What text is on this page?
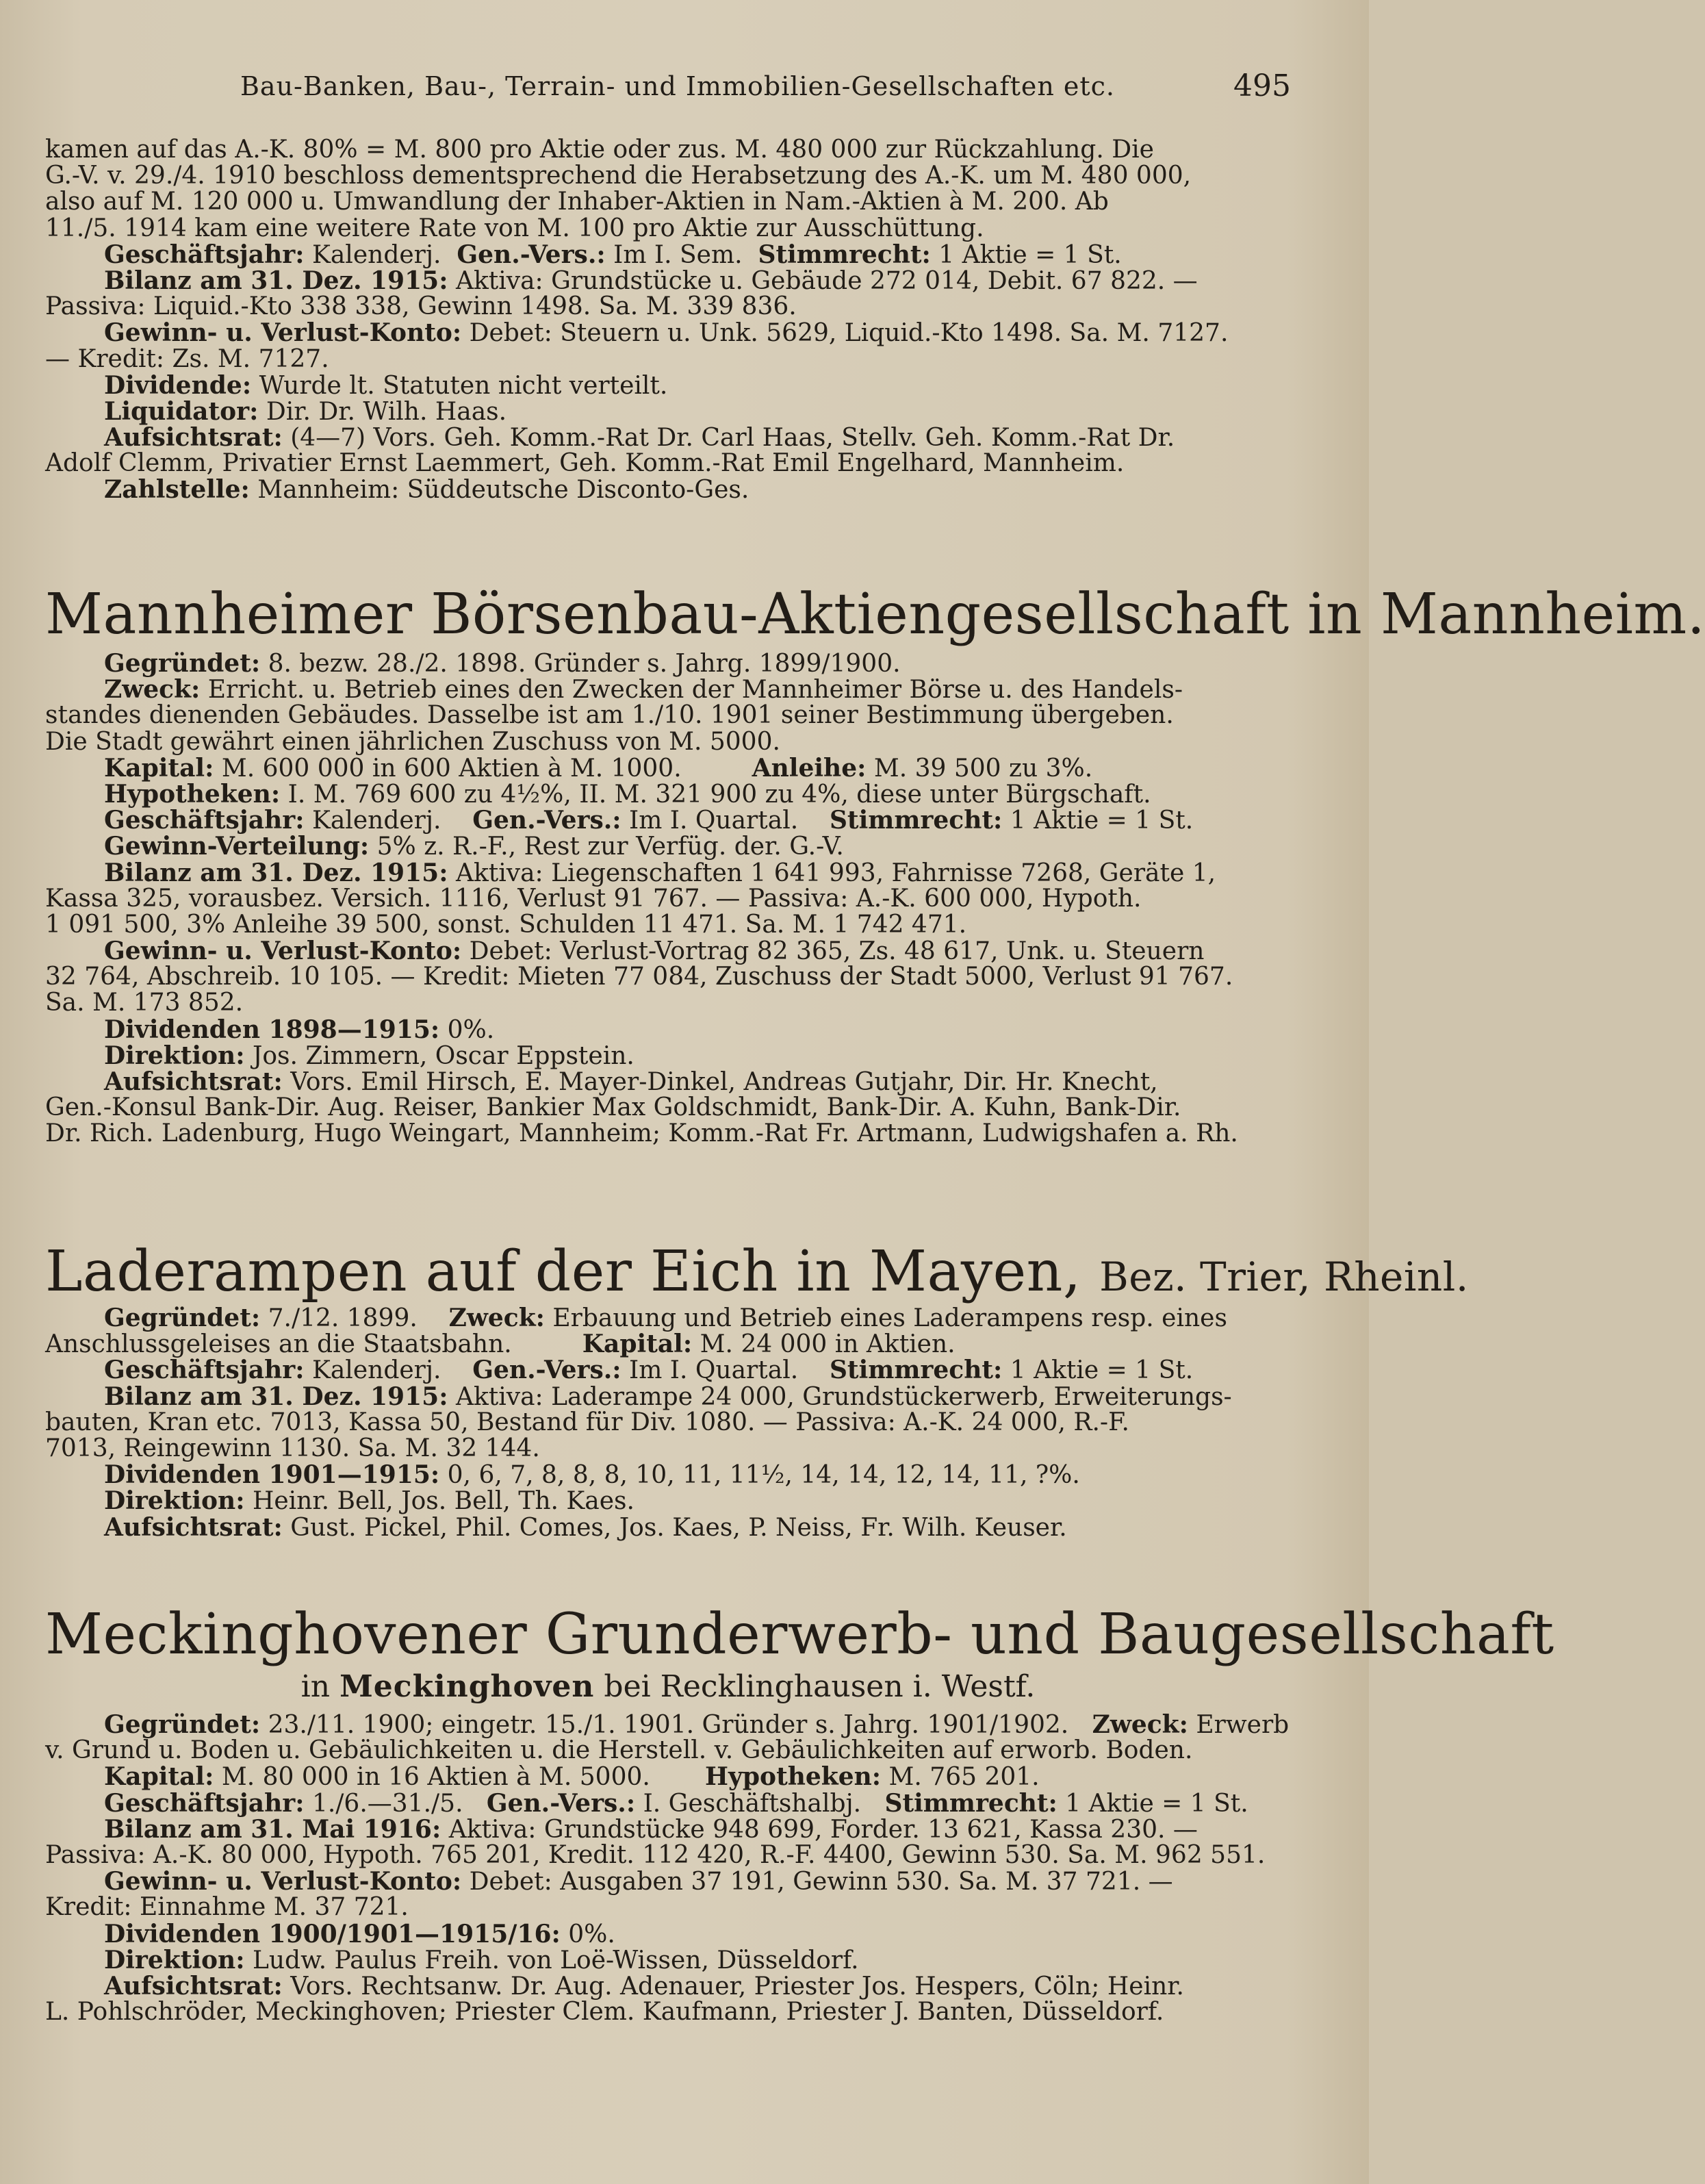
Bau-Banken, Bau-, Terrain- und Immobilien-Gesellschaften etc.	495

kamen auf das A.-K. 80% = M. 800 pro Aktie oder zus. M. 480 000 zur Rückzahlung. Die

G.-V. v. 29./4. 1910 beschloss dementsprechend die Herabsetzung des A.-K. um M. 480 000,

also auf M. 120 000 u. Umwandlung der Inhaber-Aktien in Nam.-Aktien à M. 200. Ab

11./5. 1914 kam eine weitere Rate von M. 100 pro Aktie zur Ausschüttung.

Geschäftsjahr: Kalenderj. Gen.-Vers.: Im I. Sem. Stimmrecht: 1 Aktie = 1 St.

Bilanz am 31. Dez. 1915: Aktiva: Grundstücke u. Gebäude 272 014, Debit. 67 822. —

Passiva: Liquid.-Kto 338 338, Gewinn 1498. Sa. M. 339 836.

Gewinn- u. Verlust-Konto: Debet: Steuern u. Unk. 5629, Liquid.-Kto 1498. Sa. M. 7127.

— Kredit: Zs. M. 7127.

Dividende: Wurde lt. Statuten nicht verteilt.

Liquidator: Dir. Dr. Wilh. Haas.

Aufsichtsrat: (4—7) Vors. Geh. Komm.-Rat Dr. Carl Haas, Stellv. Geh. Komm.-Rat Dr.

Adolf Clemm, Privatier Ernst Laemmert, Geh. Komm.-Rat Emil Engelhard, Mannheim.

Zahlstelle: Mannheim: Süddeutsche Disconto-Ges.

Mannheimer Börsenbau-Aktiengesellschaft in Mannheim.

Gegründet: 8. bezw. 28./2. 1898. Gründer s. Jahrg. 1899/1900.

Zweck: Erricht. u. Betrieb eines den Zwecken der Mannheimer Börse u. des Handels-

standes dienenden Gebäudes. Dasselbe ist am 1./10. 1901 seiner Bestimmung übergeben.

Die Stadt gewährt einen jährlichen Zuschuss von M. 5000.

Kapital: M. 600 000 in 600 Aktien à M. 1000.	Anleihe: M. 39 500 zu 3%.

Hypotheken: I. M. 769 600 zu 4½%, II. M. 321 900 zu 4%, diese unter Bürgschaft.

Geschäftsjahr: Kalenderj. Gen.-Vers.: Im I. Quartal. Stimmrecht: 1 Aktie = 1 St.

Gewinn-Verteilung: 5% z. R.-F., Rest zur Verfüg. der. G.-V.

Bilanz am 31. Dez. 1915: Aktiva: Liegenschaften 1 641 993, Fahrnisse 7268, Geräte 1,

Kassa 325, vorausbez. Versich. 1116, Verlust 91 767. — Passiva: A.-K. 600 000, Hypoth.

1 091 500, 3% Anleihe 39 500, sonst. Schulden 11 471. Sa. M. 1 742 471.

Gewinn- u. Verlust-Konto: Debet: Verlust-Vortrag 82 365, Zs. 48 617, Unk. u. Steuern

32 764, Abschreib. 10 105. — Kredit: Mieten 77 084, Zuschuss der Stadt 5000, Verlust 91 767.

Sa. M. 173 852.

Dividenden 1898—1915: 0%.

Direktion: Jos. Zimmern, Oscar Eppstein.

Aufsichtsrat: Vors. Emil Hirsch, E. Mayer-Dinkel, Andreas Gutjahr, Dir. Hr. Knecht,

Gen.-Konsul Bank-Dir. Aug. Reiser, Bankier Max Goldschmidt, Bank-Dir. A. Kuhn, Bank-Dir.

Dr. Rich. Ladenburg, Hugo Weingart, Mannheim; Komm.-Rat Fr. Artmann, Ludwigshafen a. Rh.

Laderampen auf der Eich in Mayen, Bez. Trier, Rheinl.

Gegründet: 7./12. 1899. Zweck: Erbauung und Betrieb eines Laderampens resp. eines

Anschlussgeleises an die Staatsbahn.	Kapital: M. 24 000 in Aktien.

Geschäftsjahr: Kalenderj. Gen.-Vers.: Im I. Quartal. Stimmrecht: 1 Aktie = 1 St.

Bilanz am 31. Dez. 1915: Aktiva: Laderampe 24 000, Grundstückerwerb, Erweiterungs-

bauten, Kran etc. 7013, Kassa 50, Bestand für Div. 1080. — Passiva: A.-K. 24 000, R.-F.

7013, Reingewinn 1130. Sa. M. 32 144.

Dividenden 1901—1915: 0, 6, 7, 8, 8, 8, 10, 11, 11½, 14, 14, 12, 14, 11, ?%.

Direktion: Heinr. Bell, Jos. Bell, Th. Kaes.

Aufsichtsrat: Gust. Pickel, Phil. Comes, Jos. Kaes, P. Neiss, Fr. Wilh. Keuser.

Meckinghovener Grunderwerb- und Baugesellschaft

in Meckinghoven bei Recklinghausen i. Westf.

Gegründet: 23./11. 1900; eingetr. 15./1. 1901. Gründer s. Jahrg. 1901/1902. Zweck: Erwerb

v. Grund u. Boden u. Gebäulichkeiten u. die Herstell. v. Gebäulichkeiten auf erworb. Boden.

Kapital: M. 80 000 in 16 Aktien à M. 5000. Hypotheken: M. 765 201.

Geschäftsjahr: 1./6.—31./5. Gen.-Vers.: I. Geschäftshalbj. Stimmrecht: 1 Aktie = 1 St.

Bilanz am 31. Mai 1916: Aktiva: Grundstücke 948 699, Forder. 13 621, Kassa 230. —

Passiva: A.-K. 80 000, Hypoth. 765 201, Kredit. 112 420, R.-F. 4400, Gewinn 530. Sa. M. 962 551.

Gewinn- u. Verlust-Konto: Debet: Ausgaben 37 191, Gewinn 530. Sa. M. 37 721. —

Kredit: Einnahme M. 37 721.

Dividenden 1900/1901—1915/16: 0%.

Direktion: Ludw. Paulus Freih. von Loë-Wissen, Düsseldorf.

Aufsichtsrat: Vors. Rechtsanw. Dr. Aug. Adenauer, Priester Jos. Hespers, Cöln; Heinr.

L. Pohlschröder, Meckinghoven; Priester Clem. Kaufmann, Priester J. Banten, Düsseldorf.
